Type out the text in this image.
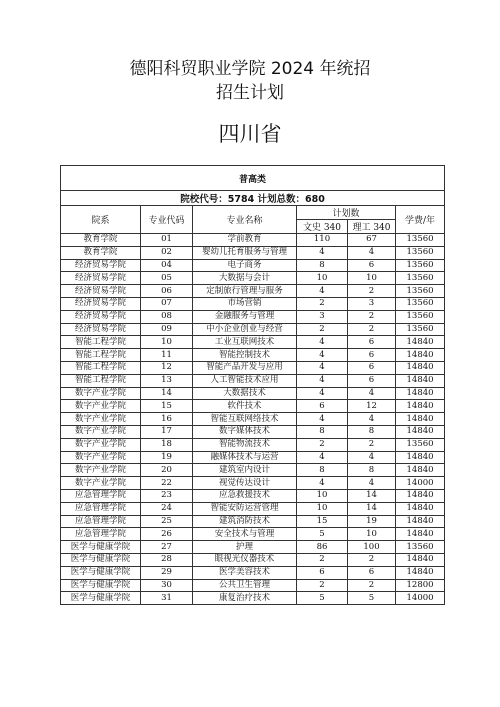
德阳科贸职业学院 2024 年统招
招生计划
四川省
普高类					
院校代号：5784 计划总数：680					
院系	专业代码	专业名称	计划数		学费/年
			文史 340	理工 340	
教育学院	01	学前教育	110	67	13560
教育学院	02	婴幼儿托育服务与管理	4	4	13560
经济贸易学院	04	电子商务	8	6	13560
经济贸易学院	05	大数据与会计	10	10	13560
经济贸易学院	06	定制旅行管理与服务	4	2	13560
经济贸易学院	07	市场营销	2	3	13560
经济贸易学院	08	金融服务与管理	3	2	13560
经济贸易学院	09	中小企业创业与经营	2	2	13560
智能工程学院	10	工业互联网技术	4	6	14840
智能工程学院	11	智能控制技术	4	6	14840
智能工程学院	12	智能产品开发与应用	4	6	14840
智能工程学院	13	人工智能技术应用	4	6	14840
数字产业学院	14	大数据技术	4	4	14840
数字产业学院	15	软件技术	6	12	14840
数字产业学院	16	智能互联网络技术	4	4	14840
数字产业学院	17	数字媒体技术	8	8	14840
数字产业学院	18	智能物流技术	2	2	13560
数字产业学院	19	融媒体技术与运营	4	4	14840
数字产业学院	20	建筑室内设计	8	8	14840
数字产业学院	22	视觉传达设计	4	4	14000
应急管理学院	23	应急救援技术	10	14	14840
应急管理学院	24	智能安防运营管理	10	14	14840
应急管理学院	25	建筑消防技术	15	19	14840
应急管理学院	26	安全技术与管理	5	10	14840
医学与健康学院	27	护理	86	100	13560
医学与健康学院	28	眼视光仪器技术	2	2	14840
医学与健康学院	29	医学美容技术	6	6	14840
医学与健康学院	30	公共卫生管理	2	2	12800
医学与健康学院	31	康复治疗技术	5	5	14000
